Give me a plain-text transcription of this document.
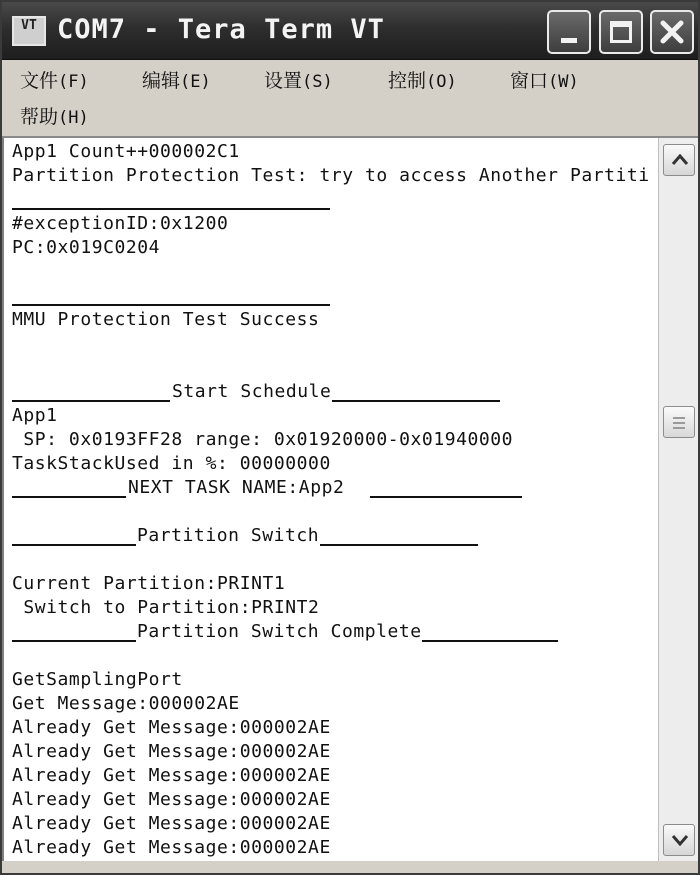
VT COM7 - Tera Term VT
文件(F)	编辑(E)	设置(S)	控制(O)	窗口(W)
帮助(H)
App1 Count++000002C1
Partition Protection Test: try to access Another Partiti
#exceptionID:0x1200
PC:0x019C0204
MMU Protection Test Success
Start Schedule
App1
SP: 0x0193FF28 range: 0x01920000-0x01940000
TaskStackUsed in %: 00000000
NEXT TASK NAME:App2
Partition Switch
Current Partition:PRINT1
Switch to Partition:PRINT2
Partition Switch Complete
GetSamplingPort
Get Message:000002AE
Already Get Message:000002AE
Already Get Message:000002AE
Already Get Message:000002AE
Already Get Message:000002AE
Already Get Message:000002AE
Already Get Message:000002AE
